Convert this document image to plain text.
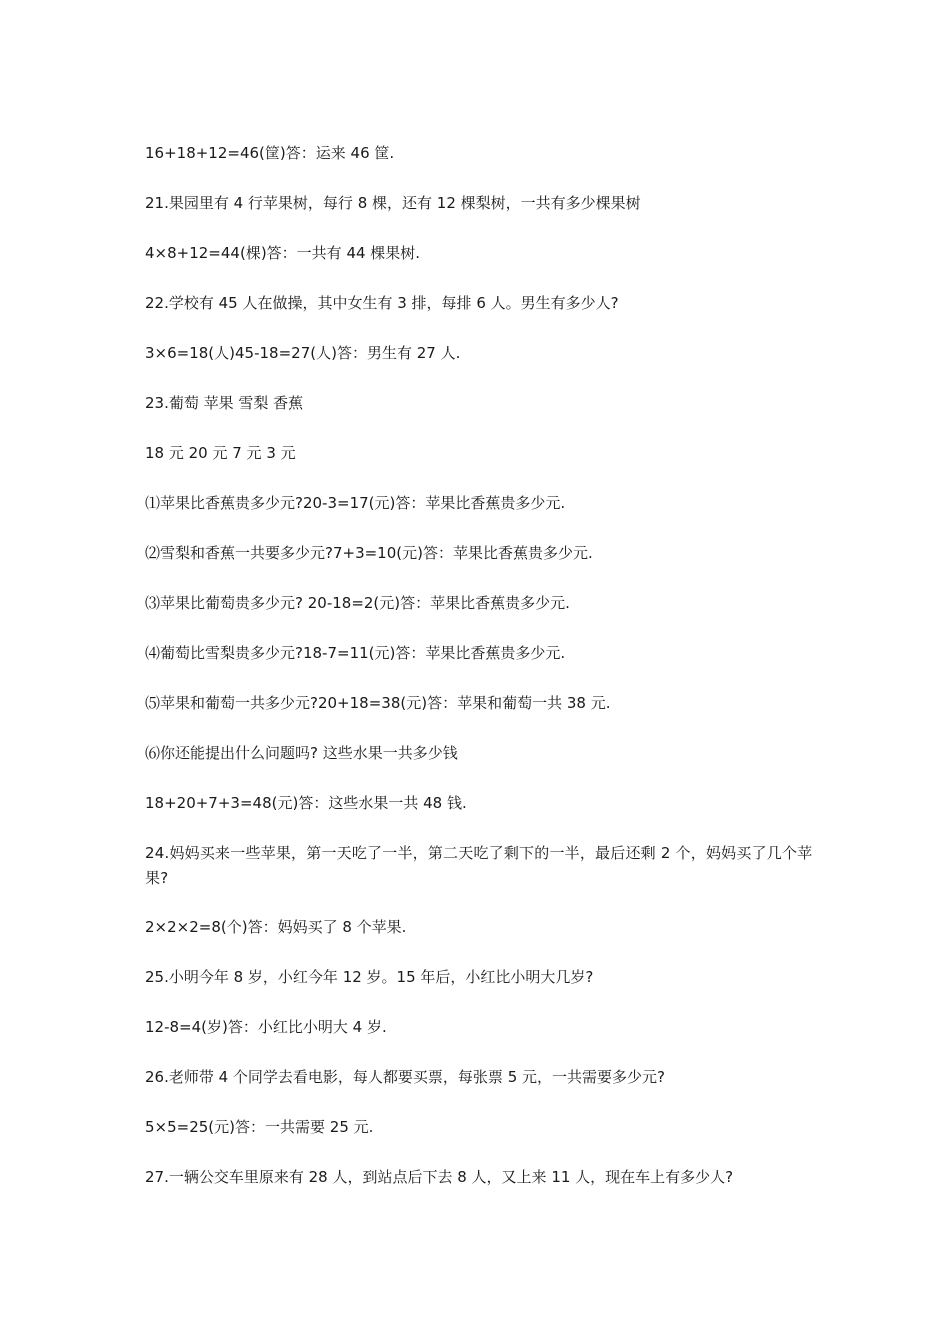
16+18+12=46(筐)答：运来 46 筐.
21.果园里有 4 行苹果树，每行 8 棵，还有 12 棵梨树，一共有多少棵果树
4×8+12=44(棵)答：一共有 44 棵果树.
22.学校有 45 人在做操，其中女生有 3 排，每排 6 人。男生有多少人?
3×6=18(人)45-18=27(人)答：男生有 27 人.
23.葡萄 苹果 雪梨 香蕉
18 元 20 元 7 元 3 元
⑴苹果比香蕉贵多少元?20-3=17(元)答：苹果比香蕉贵多少元.
⑵雪梨和香蕉一共要多少元?7+3=10(元)答：苹果比香蕉贵多少元.
⑶苹果比葡萄贵多少元? 20-18=2(元)答：苹果比香蕉贵多少元.
⑷葡萄比雪梨贵多少元?18-7=11(元)答：苹果比香蕉贵多少元.
⑸苹果和葡萄一共多少元?20+18=38(元)答：苹果和葡萄一共 38 元.
⑹你还能提出什么问题吗? 这些水果一共多少钱
18+20+7+3=48(元)答：这些水果一共 48 钱.
24.妈妈买来一些苹果，第一天吃了一半，第二天吃了剩下的一半，最后还剩 2 个，妈妈买了几个苹果?
2×2×2=8(个)答：妈妈买了 8 个苹果.
25.小明今年 8 岁，小红今年 12 岁。15 年后，小红比小明大几岁?
12-8=4(岁)答：小红比小明大 4 岁.
26.老师带 4 个同学去看电影，每人都要买票，每张票 5 元，一共需要多少元?
5×5=25(元)答：一共需要 25 元.
27.一辆公交车里原来有 28 人，到站点后下去 8 人，又上来 11 人，现在车上有多少人?
